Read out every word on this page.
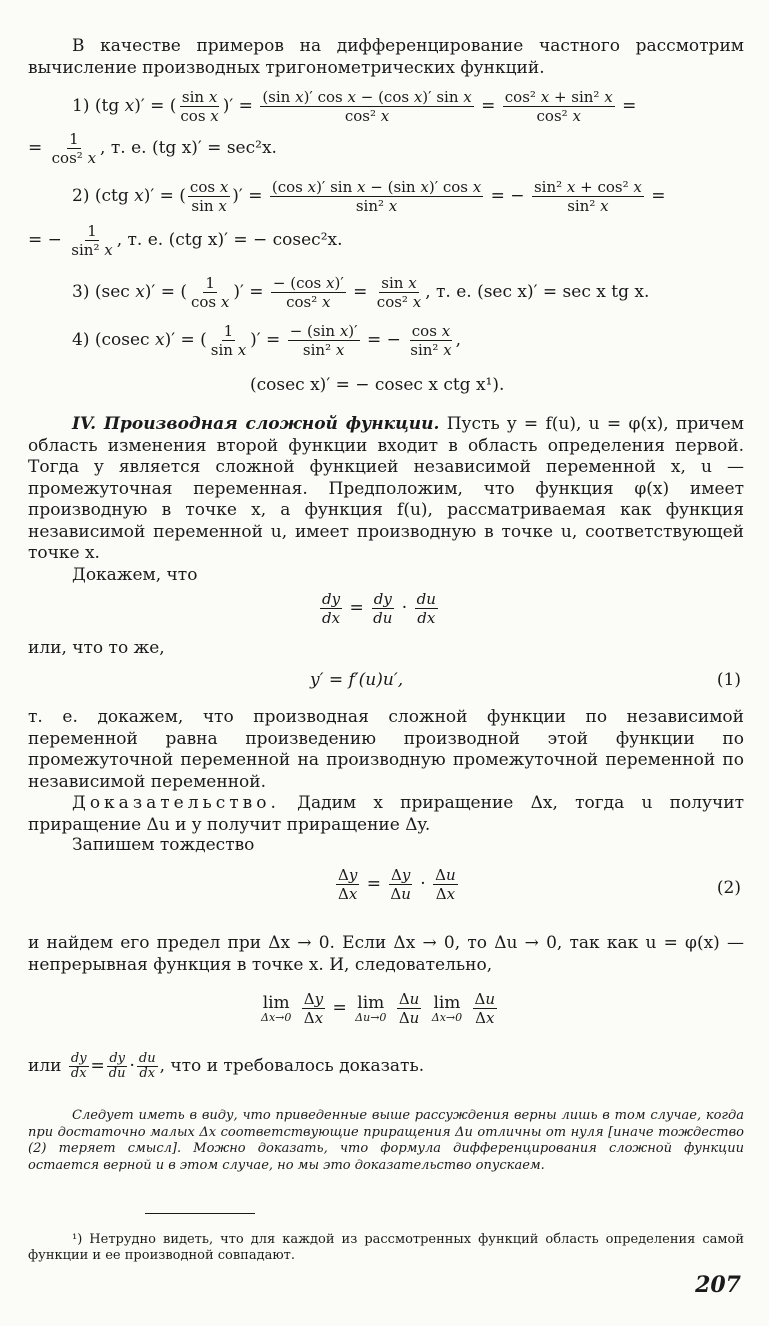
В качестве примеров на дифференцирование частного рассмотрим вычисление производных тригонометрических функций.

1) (tg x)′ = ( $\frac{\text{sin x}}{\text{cos x}}$ )′ = $\frac{\text{(sin x)′ cos x − (cos x)′ sin x}}{\text{cos² x}} = \frac{\text{cos² x + sin² x}}{\text{cos² x}}$ =
= $\frac{1}{\text{cos² x}}$ , т. е. (tg x)′ = sec²x.
2) (ctg x)′ = ( $\frac{\text{cos x}}{\text{sin x}}$ )′ = $\frac{\text{(cos x)′ sin x − (sin x)′ cos x}}{\text{sin² x}}$ = − $\frac{\text{sin² x + cos² x}}{\text{sin² x}}$ =
= − $\frac{1}{\text{sin² x}}$ , т. е. (ctg x)′ = − cosec²x.
3) (sec x)′ = ( $\frac{1}{\text{cos x}}$ )′ = $\frac{\text{− (cos x)′}}{\text{cos² x}} = \frac{\text{sin x}}{\text{cos² x}}$ , т. е. (sec x)′ = sec x tg x.
4) (cosec x)′ = ( $\frac{1}{\text{sin x}}$ )′ = $\frac{\text{− (sin x)′}}{\text{sin² x}}$ = − $\frac{\text{cos x}}{\text{sin² x}}$ ,
(cosec x)′ = − cosec x ctg x¹).

IV. Производная сложной функции. Пусть y = f(u), u = φ(x), причем область изменения второй функции входит в область определения первой. Тогда y является сложной функцией независимой переменной x, u — промежуточная переменная. Предположим, что функция φ(x) имеет производную в точке x, а функция f(u), рассматриваемая как функция независимой переменной u, имеет производную в точке u, соответствующей точке x.

Докажем, что
$\frac{dy}{dx} = \frac{dy}{du} \cdot \frac{du}{dx}$
или, что то же,
y′ = f′(u)u′,	(1)

т. е. докажем, что производная сложной функции по независимой переменной равна произведению производной этой функции по промежуточной переменной на производную промежуточной переменной по независимой переменной.

Доказательство. Дадим x приращение Δx, тогда u получит приращение Δu и y получит приращение Δy.

Запишем тождество
$\frac{\Delta y}{\Delta x} = \frac{\Delta y}{\Delta u} \cdot \frac{\Delta u}{\Delta x}$	(2)

и найдем его предел при Δx → 0. Если Δx → 0, то Δu → 0, так как u = φ(x) — непрерывная функция в точке x. И, следовательно,

lim
Δx→0
$\frac{\Delta y}{\Delta x} = \lim$
Δu→0
$\frac{\Delta u}{\Delta u}$
lim
Δx→0
$\frac{\Delta u}{\Delta x}$
или $\frac{dy}{dx} = \frac{dy}{du} \cdot \frac{du}{dx}$ , что и требовалось доказать.

Следует иметь в виду, что приведенные выше рассуждения верны лишь в том случае, когда при достаточно малых Δx соответствующие приращения Δu отличны от нуля [иначе тождество (2) теряет смысл]. Можно доказать, что формула дифференцирования сложной функции остается верной и в этом случае, но мы это доказательство опускаем.

¹) Нетрудно видеть, что для каждой из рассмотренных функций область определения самой функции и ее производной совпадают.

207
